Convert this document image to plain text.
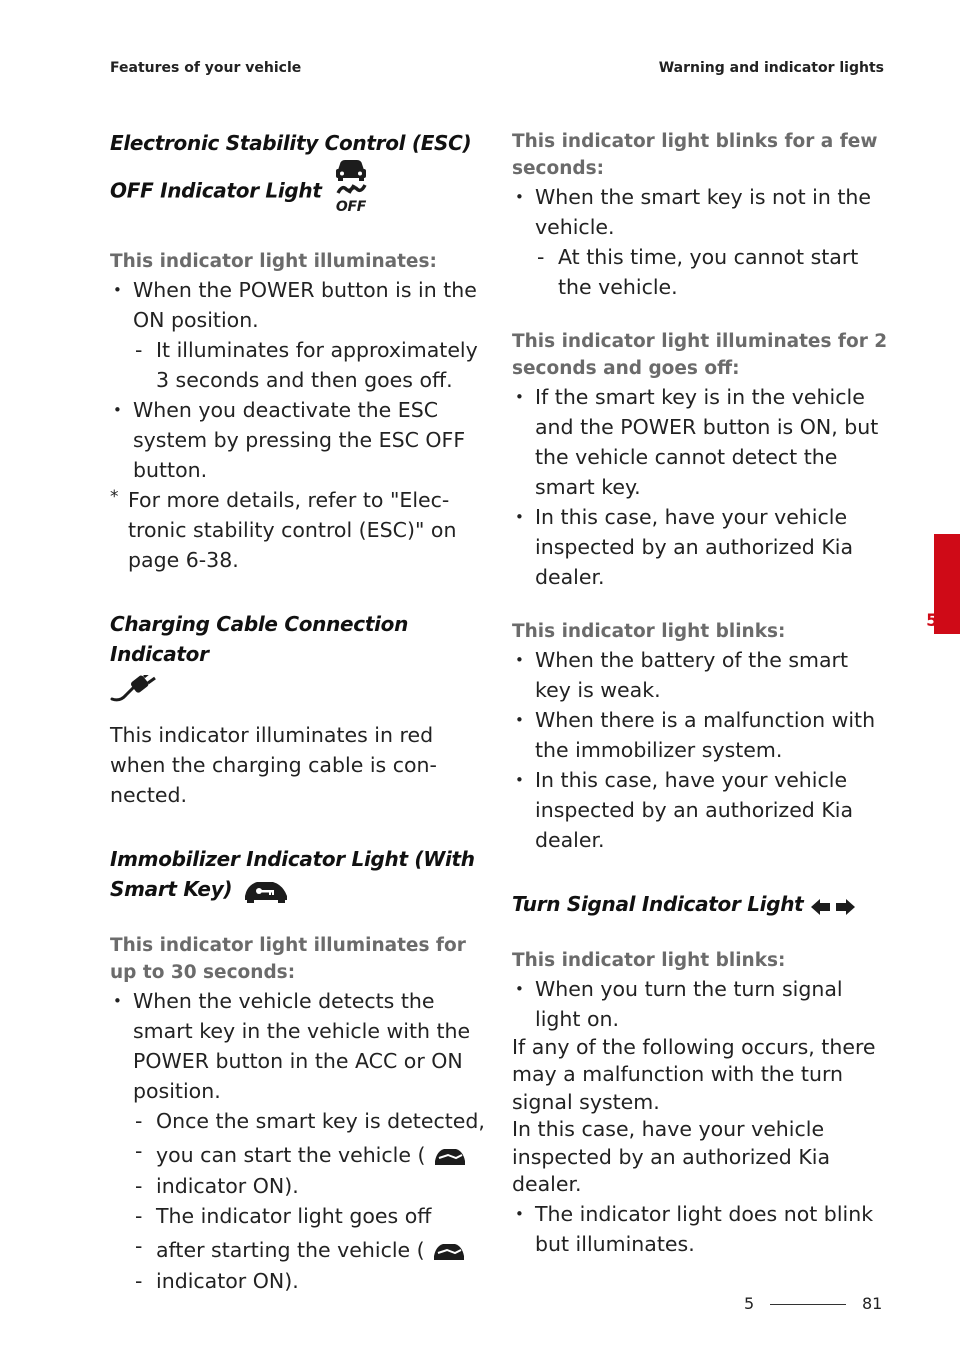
Features of your vehicle	Warning and indicator lights
Electronic Stability Control (ESC)
OFF Indicator Light
OFF
This indicator light illuminates:
• When the POWER button is in the ON position.
- It illuminates for approximately 3 seconds and then goes off.
• When you deactivate the ESC system by pressing the ESC OFF button.
* For more details, refer to "Elec-tronic stability control (ESC)" on page 6-38.
Charging Cable Connection Indicator
This indicator illuminates in red when the charging cable is con-nected.
Immobilizer Indicator Light (With
Smart Key)
This indicator light illuminates for up to 30 seconds:
• When the vehicle detects the smart key in the vehicle with the POWER button in the ACC or ON position.
- Once the smart key is detected,
- you can start the vehicle (
- indicator ON).
- The indicator light goes off
- after starting the vehicle (
- indicator ON).
This indicator light blinks for a few seconds:
• When the smart key is not in the vehicle.
- At this time, you cannot start the vehicle.
This indicator light illuminates for 2 seconds and goes off:
• If the smart key is in the vehicle and the POWER button is ON, but the vehicle cannot detect the smart key.
• In this case, have your vehicle inspected by an authorized Kia dealer.
This indicator light blinks:
• When the battery of the smart key is weak.
• When there is a malfunction with the immobilizer system.
• In this case, have your vehicle inspected by an authorized Kia dealer.
Turn Signal Indicator Light
This indicator light blinks:
• When you turn the turn signal light on.
If any of the following occurs, there may a malfunction with the turn signal system.
In this case, have your vehicle inspected by an authorized Kia dealer.
• The indicator light does not blink but illuminates.
5
5	81
